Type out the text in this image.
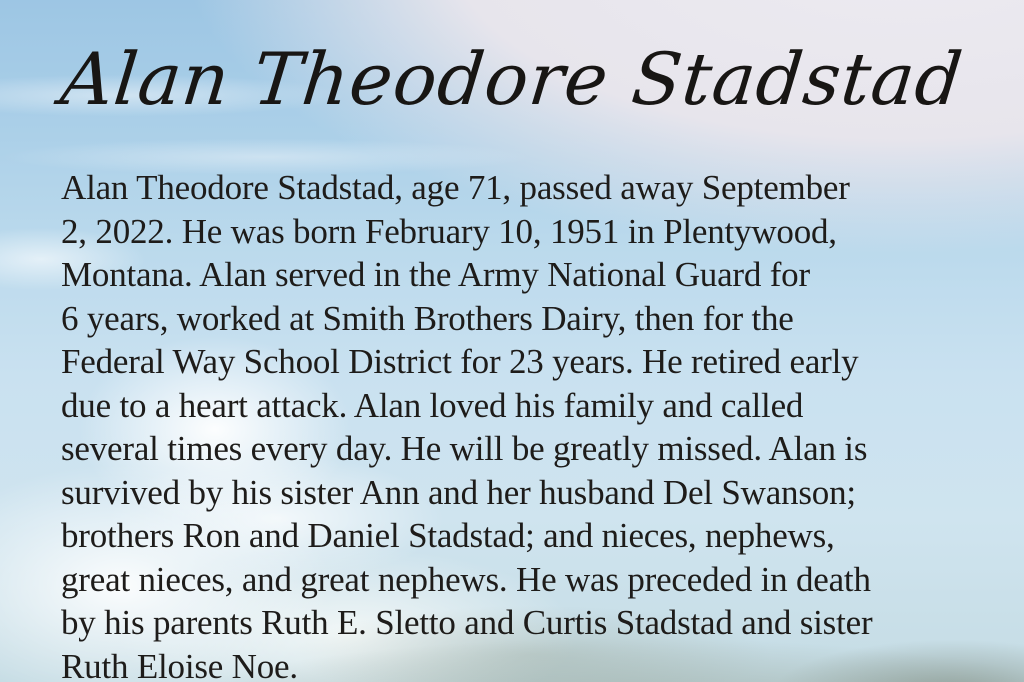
Alan Theodore Stadstad
Alan Theodore Stadstad, age 71, passed away September
2, 2022. He was born February 10, 1951 in Plentywood,
Montana. Alan served in the Army National Guard for
6 years, worked at Smith Brothers Dairy, then for the
Federal Way School District for 23 years. He retired early
due to a heart attack. Alan loved his family and called
several times every day. He will be greatly missed. Alan is
survived by his sister Ann and her husband Del Swanson;
brothers Ron and Daniel Stadstad; and nieces, nephews,
great nieces, and great nephews. He was preceded in death
by his parents Ruth E. Sletto and Curtis Stadstad and sister
Ruth Eloise Noe.
